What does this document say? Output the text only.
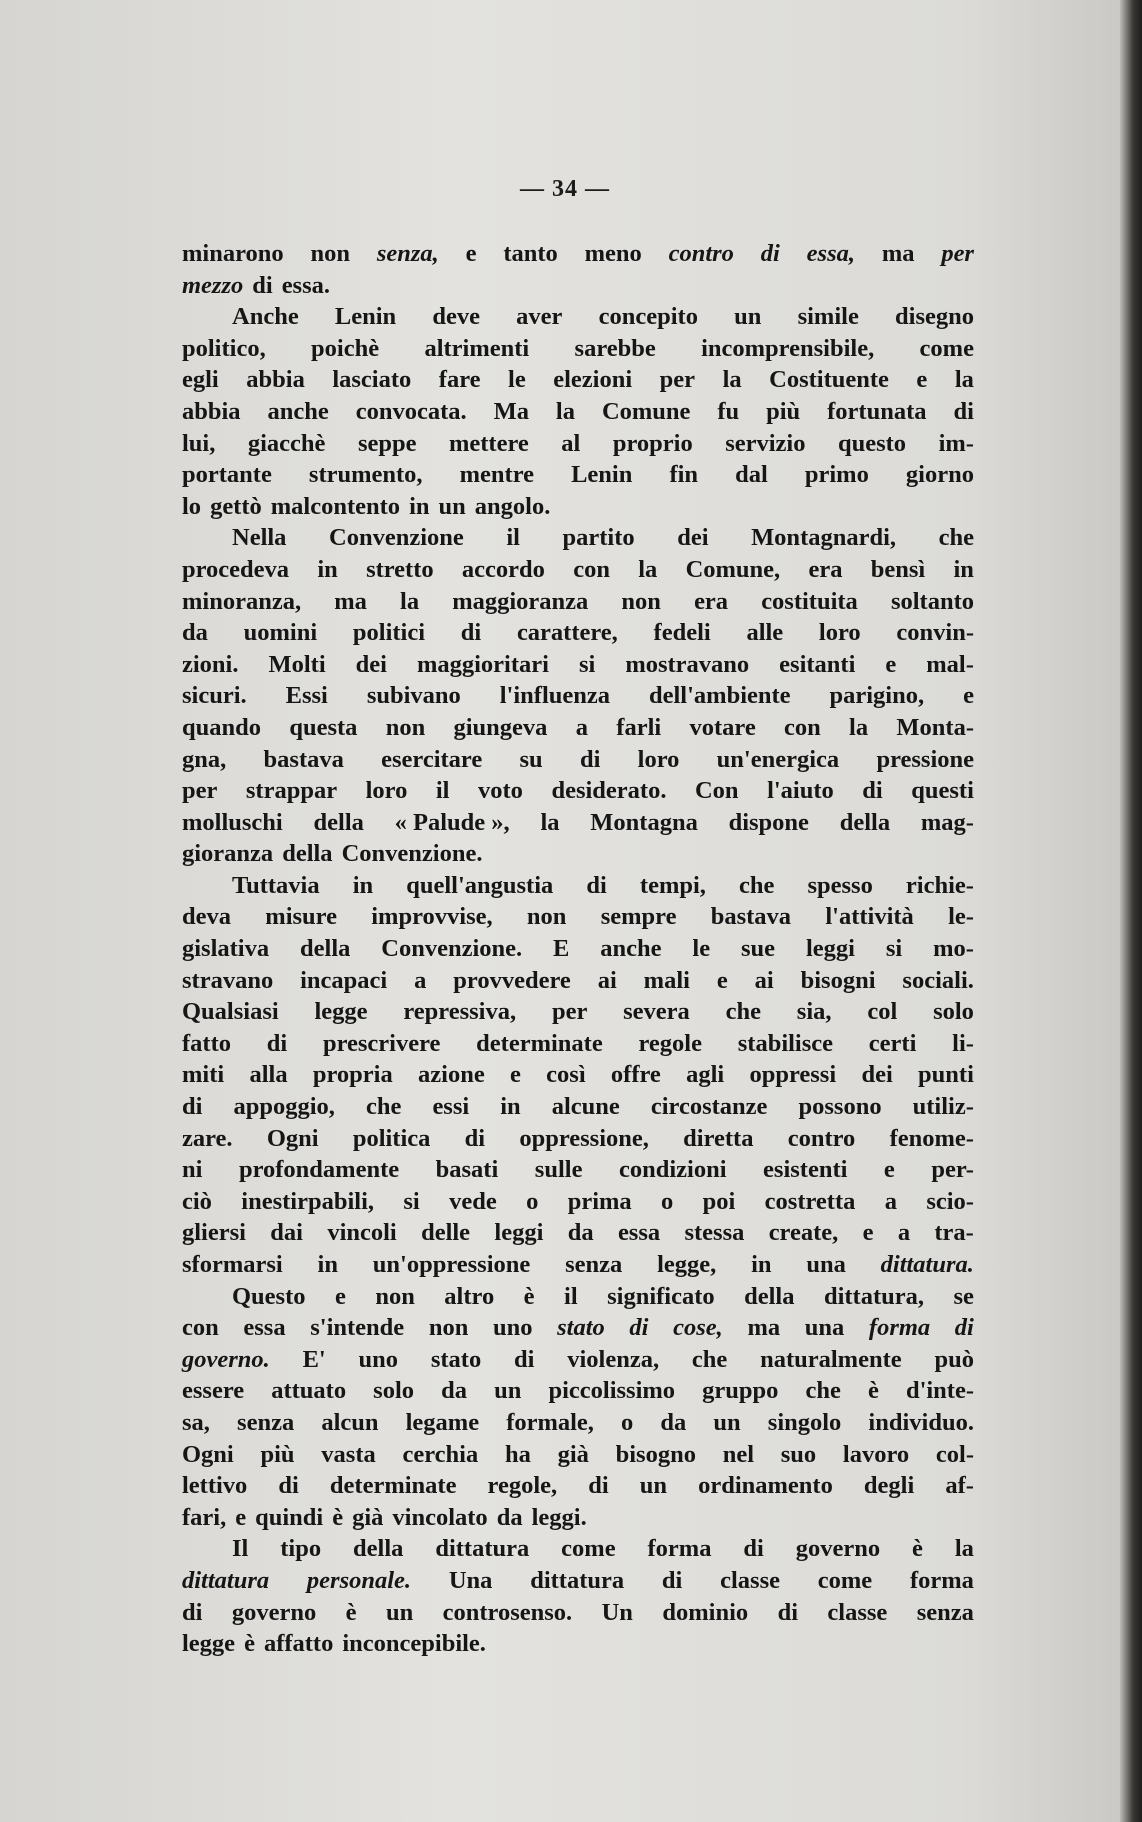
— 34 —
minarono non senza, e tanto meno contro di essa, ma per
mezzo di essa.
Anche Lenin deve aver concepito un simile disegno
politico, poichè altrimenti sarebbe incomprensibile, come
egli abbia lasciato fare le elezioni per la Costituente e la
abbia anche convocata. Ma la Comune fu più fortunata di
lui, giacchè seppe mettere al proprio servizio questo im-
portante strumento, mentre Lenin fin dal primo giorno
lo gettò malcontento in un angolo.
Nella Convenzione il partito dei Montagnardi, che
procedeva in stretto accordo con la Comune, era bensì in
minoranza, ma la maggioranza non era costituita soltanto
da uomini politici di carattere, fedeli alle loro convin-
zioni. Molti dei maggioritari si mostravano esitanti e mal-
sicuri. Essi subivano l'influenza dell'ambiente parigino, e
quando questa non giungeva a farli votare con la Monta-
gna, bastava esercitare su di loro un'energica pressione
per strappar loro il voto desiderato. Con l'aiuto di questi
molluschi della « Palude », la Montagna dispone della mag-
gioranza della Convenzione.
Tuttavia in quell'angustia di tempi, che spesso richie-
deva misure improvvise, non sempre bastava l'attività le-
gislativa della Convenzione. E anche le sue leggi si mo-
stravano incapaci a provvedere ai mali e ai bisogni sociali.
Qualsiasi legge repressiva, per severa che sia, col solo
fatto di prescrivere determinate regole stabilisce certi li-
miti alla propria azione e così offre agli oppressi dei punti
di appoggio, che essi in alcune circostanze possono utiliz-
zare. Ogni politica di oppressione, diretta contro fenome-
ni profondamente basati sulle condizioni esistenti e per-
ciò inestirpabili, si vede o prima o poi costretta a scio-
gliersi dai vincoli delle leggi da essa stessa create, e a tra-
sformarsi in un'oppressione senza legge, in una dittatura.
Questo e non altro è il significato della dittatura, se
con essa s'intende non uno stato di cose, ma una forma di
governo. E' uno stato di violenza, che naturalmente può
essere attuato solo da un piccolissimo gruppo che è d'inte-
sa, senza alcun legame formale, o da un singolo individuo.
Ogni più vasta cerchia ha già bisogno nel suo lavoro col-
lettivo di determinate regole, di un ordinamento degli af-
fari, e quindi è già vincolato da leggi.
Il tipo della dittatura come forma di governo è la
dittatura personale. Una dittatura di classe come forma
di governo è un controsenso. Un dominio di classe senza
legge è affatto inconcepibile.
